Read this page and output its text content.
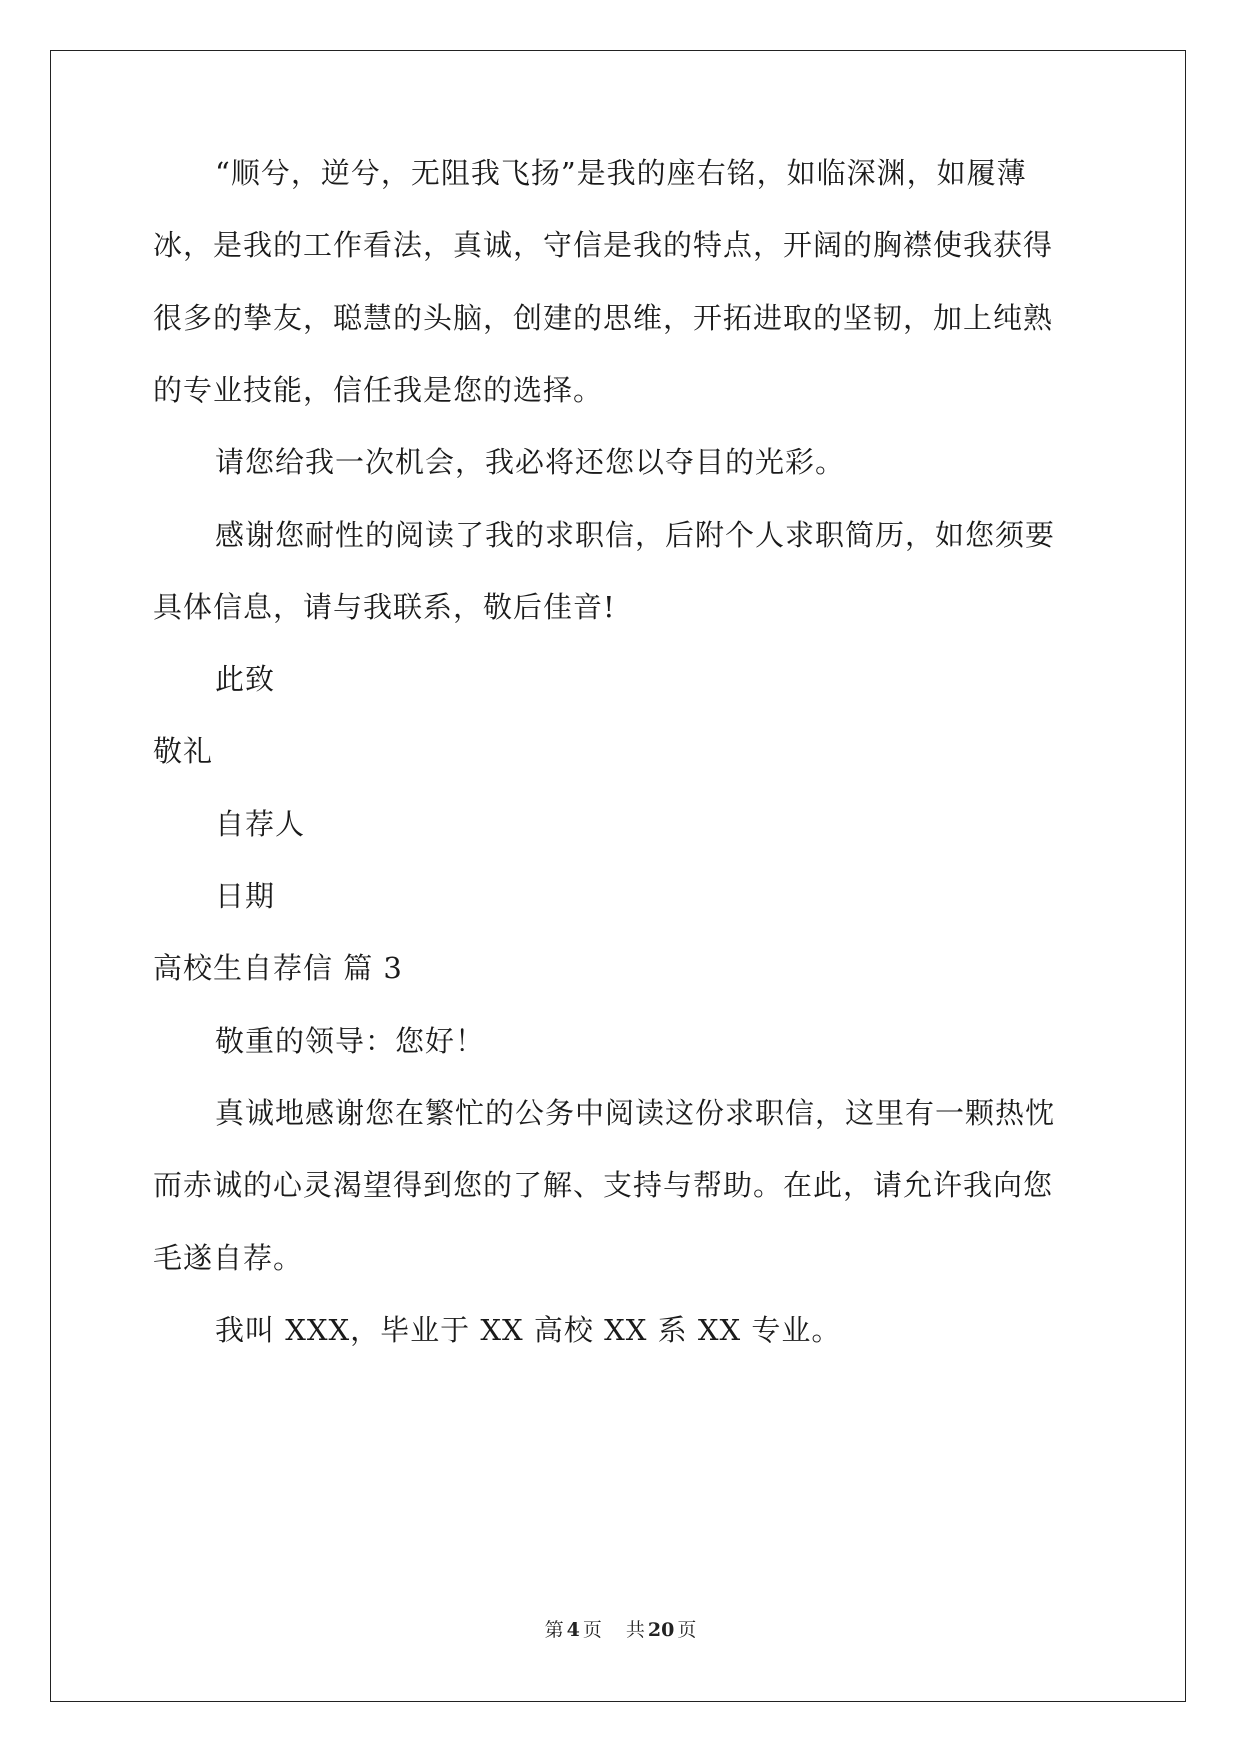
“顺兮，逆兮，无阻我飞扬”是我的座右铭，如临深渊，如履薄
冰，是我的工作看法，真诚，守信是我的特点，开阔的胸襟使我获得
很多的挚友，聪慧的头脑，创建的思维，开拓进取的坚韧，加上纯熟
的专业技能，信任我是您的选择。
请您给我一次机会，我必将还您以夺目的光彩。
感谢您耐性的阅读了我的求职信，后附个人求职简历，如您须要
具体信息，请与我联系，敬后佳音!
此致
敬礼
自荐人
日期
高校生自荐信 篇 3
敬重的领导：您好！
真诚地感谢您在繁忙的公务中阅读这份求职信，这里有一颗热忱
而赤诚的心灵渴望得到您的了解、支持与帮助。在此，请允许我向您
毛遂自荐。
我叫 XXX，毕业于 XX 高校 XX 系 XX 专业。
第 4 页 共 20 页
